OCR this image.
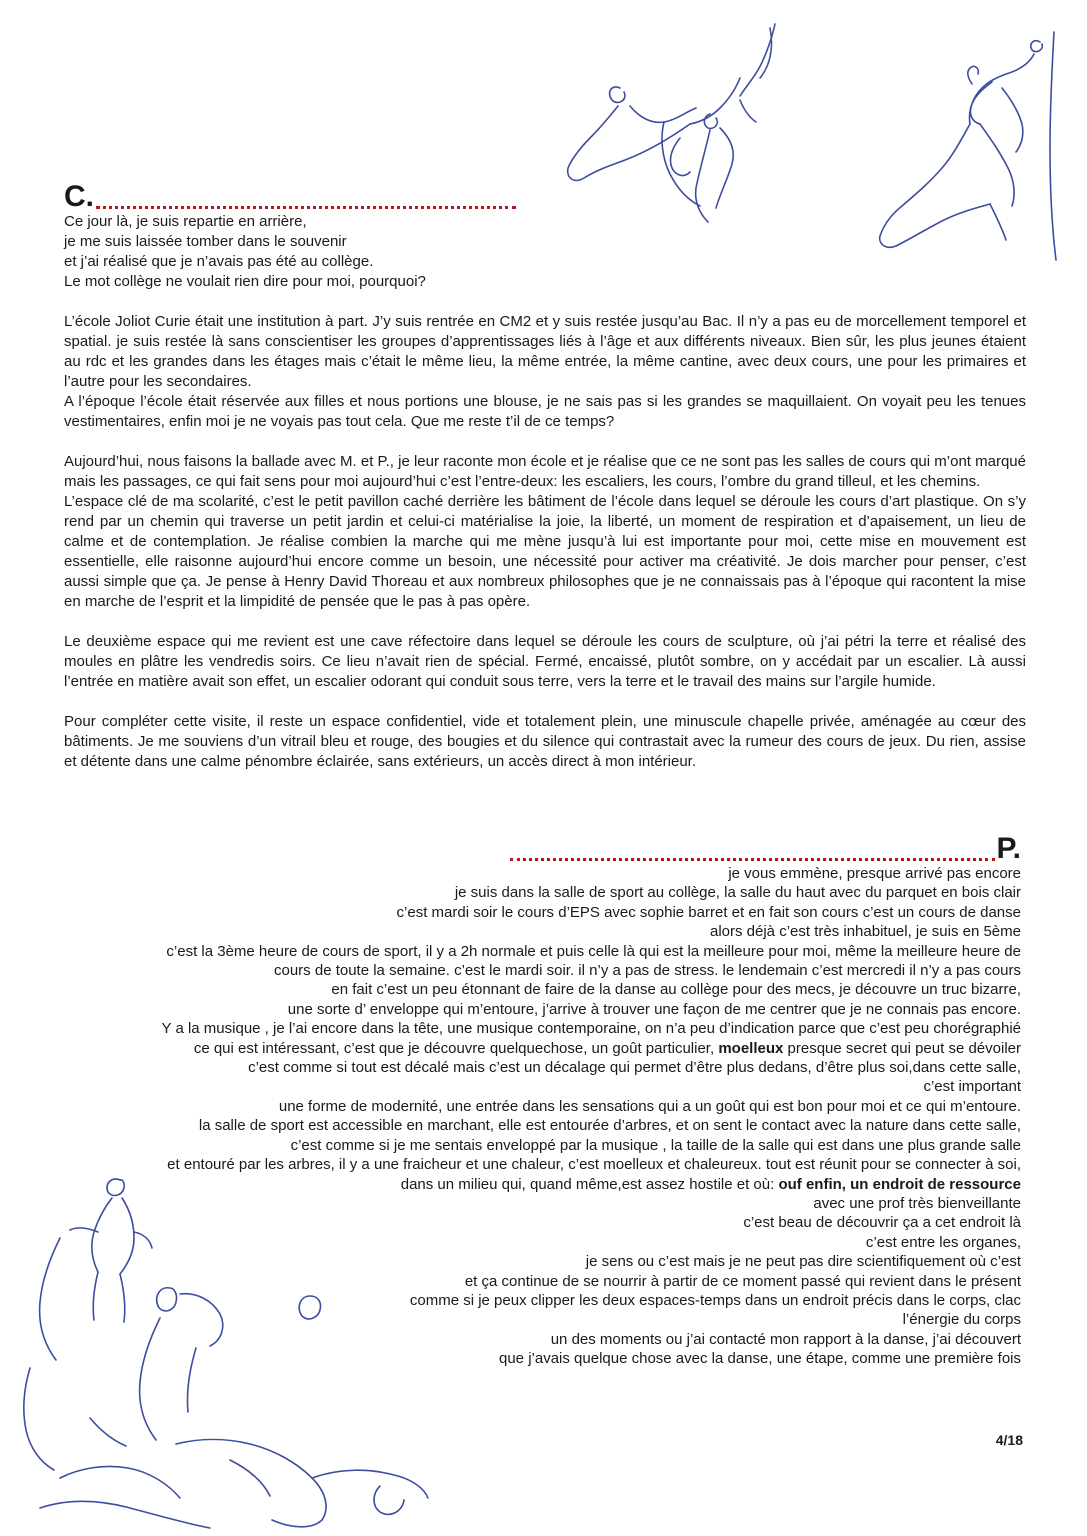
C.

Ce jour là, je suis repartie en arrière,
je me suis laissée tomber dans le souvenir
et j’ai réalisé que je n’avais pas été au collège.
Le mot collège ne voulait rien dire pour moi, pourquoi?

L’école Joliot Curie était une institution à part. J’y suis rentrée en CM2 et y suis restée jusqu’au Bac. Il n’y a pas eu de morcellement temporel et spatial. je suis restée là sans conscientiser les groupes d’apprentissages liés à l’âge et aux différents niveaux. Bien sûr, les plus jeunes étaient au rdc et les grandes dans les étages mais c’était le même lieu, la même entrée, la même cantine, avec deux cours, une pour les primaires et l’autre pour les secondaires.
A l’époque l’école était réservée aux filles et nous portions une blouse, je ne sais pas si les grandes se maquillaient. On voyait peu les tenues vestimentaires, enfin moi je ne voyais pas tout cela. Que me reste t’il de ce temps?

Aujourd’hui, nous faisons la ballade avec M. et P., je leur raconte mon école et je réalise que ce ne sont pas les salles de cours qui m’ont marqué mais les passages, ce qui fait sens pour moi aujourd’hui c’est l’entre-deux: les escaliers, les cours, l’ombre du grand tilleul, et les chemins.
L’espace clé de ma scolarité, c’est le petit pavillon caché derrière les bâtiment de l’école dans lequel se déroule les cours d’art plastique. On s’y rend par un chemin qui traverse un petit jardin et celui-ci matérialise la joie, la liberté, un moment de respiration et d’apaisement, un lieu de calme et de contemplation. Je réalise combien la marche qui me mène jusqu’à lui est importante pour moi, cette mise en mouvement est essentielle, elle raisonne aujourd’hui encore comme un besoin, une nécessité pour activer ma créativité. Je dois marcher pour penser, c’est aussi simple que ça. Je pense à Henry David Thoreau et aux nombreux philosophes que je ne connaissais pas à l’époque qui racontent la mise en marche de l’esprit et la limpidité de pensée que le pas à pas opère.

Le deuxième espace qui me revient est une cave réfectoire dans lequel se déroule les cours de sculpture, où j’ai pétri la terre et réalisé des moules en plâtre les vendredis soirs. Ce lieu n’avait rien de spécial. Fermé, encaissé, plutôt sombre, on y accédait par un escalier. Là aussi l’entrée en matière avait son effet, un escalier odorant qui conduit sous terre, vers la terre et le travail des mains sur l’argile humide.

Pour compléter cette visite, il reste un espace confidentiel, vide et totalement plein, une minuscule chapelle privée, aménagée au cœur des bâtiments. Je me souviens d’un vitrail bleu et rouge, des bougies et du silence qui contrastait avec la rumeur des cours de jeux. Du rien, assise et détente dans une calme pénombre éclairée, sans extérieurs, un accès direct à mon intérieur.

P.
je vous emmène, presque arrivé pas encore
je suis dans la salle de sport au collège, la salle du haut avec du parquet en bois clair
c’est mardi soir le cours d’EPS avec sophie barret et en fait son cours c’est un cours de danse
alors déjà c’est très inhabituel, je suis en 5ème
c’est la 3ème heure de cours de sport, il y a 2h normale et puis celle là qui est la meilleure pour moi, même la meilleure heure de
cours de toute la semaine. c’est le mardi soir. il n’y a pas de stress. le lendemain c’est mercredi il n’y a pas cours
en fait c’est un peu étonnant de faire de la danse au collège pour des mecs, je découvre un truc bizarre,
une sorte d’ enveloppe qui m’entoure, j’arrive à trouver une façon de me centrer que je ne connais pas encore.
Y a la musique , je l’ai encore dans la tête, une musique contemporaine, on n’a peu d’indication parce que c’est peu chorégraphié
ce qui est intéressant, c’est que je découvre quelquechose, un goût particulier, moelleux presque secret qui peut se dévoiler
c’est comme si tout est décalé mais c’est un décalage qui permet d’être plus dedans, d’être plus soi,dans cette salle,
c’est important
une forme de modernité, une entrée dans les sensations qui a un goût qui est bon pour moi et ce qui m’entoure.
la salle de sport est accessible en marchant, elle est entourée d’arbres, et on sent le contact avec la nature dans cette salle,
c’est comme si je me sentais enveloppé par la musique , la taille de la salle qui est dans une plus grande salle
et entouré par les arbres, il y a une fraicheur et une chaleur, c’est moelleux et chaleureux. tout est réunit pour se connecter à soi,
dans un milieu qui, quand même,est assez hostile et où: ouf enfin, un endroit de ressource
avec une prof très bienveillante
c’est beau de découvrir ça a cet endroit là
c’est entre les organes,
je sens ou c’est mais je ne peut pas dire scientifiquement où c’est
et ça continue de se nourrir à partir de ce moment passé qui revient dans le présent
comme si je peux clipper les deux espaces-temps dans un endroit précis dans le corps, clac
l’énergie du corps
un des moments ou j’ai contacté mon rapport à la danse, j’ai découvert
que j’avais quelque chose avec la danse, une étape, comme une première fois
4/18
